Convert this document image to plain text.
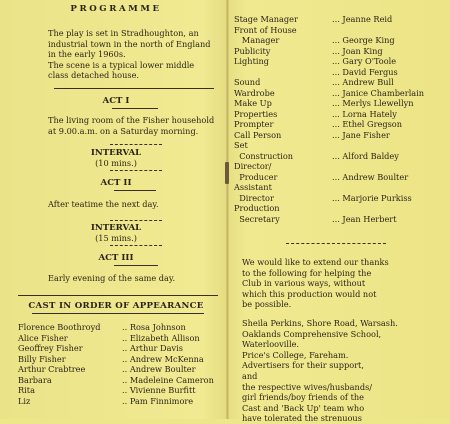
PROGRAMME
The play is set in Stradhoughton, an
industrial town in the north of England
in the early 1960s.
The scene is a typical lower middle
class detached house.
ACT I
The living room of the Fisher household
at 9.00.a.m. on a Saturday morning.
INTERVAL
(10 mins.)
ACT II
After teatime the next day.
INTERVAL
(15 mins.)
ACT III
Early evening of the same day.
CAST IN ORDER OF APPEARANCE
Florence Boothroyd	.. Rosa Johnson
Alice Fisher	.. Elizabeth Allison
Geoffrey Fisher	.. Arthur Davis
Billy Fisher	.. Andrew McKenna
Arthur Crabtree	.. Andrew Boulter
Barbara	.. Madeleine Cameron
Rita	.. Vivienne Burfitt
Liz	.. Pam Finnimore
Stage Manager	... Jeanne Reid
Front of House
Manager	... George King
Publicity	... Joan King
Lighting	... Gary O'Toole
... David Fergus
Sound	... Andrew Bull
Wardrobe	... Janice Chamberlain
Make Up	... Merlys Llewellyn
Properties	... Lorna Hately
Prompter	... Ethel Gregson
Call Person	... Jane Fisher
Set
Construction	... Alford Baldey
Director/
Producer	... Andrew Boulter
Assistant
Director	... Marjorie Purkiss
Production
Secretary	... Jean Herbert
We would like to extend our thanks
to the following for helping the
Club in various ways, without
which this production would not
be possible.
Sheila Perkins, Shore Road, Warsash.
Oaklands Comprehensive School,
Waterlooville.
Price's College, Fareham.
Advertisers for their support,
and
the respective wives/husbands/
girl friends/boy friends of the
Cast and 'Back Up' team who
have tolerated the strenuous
